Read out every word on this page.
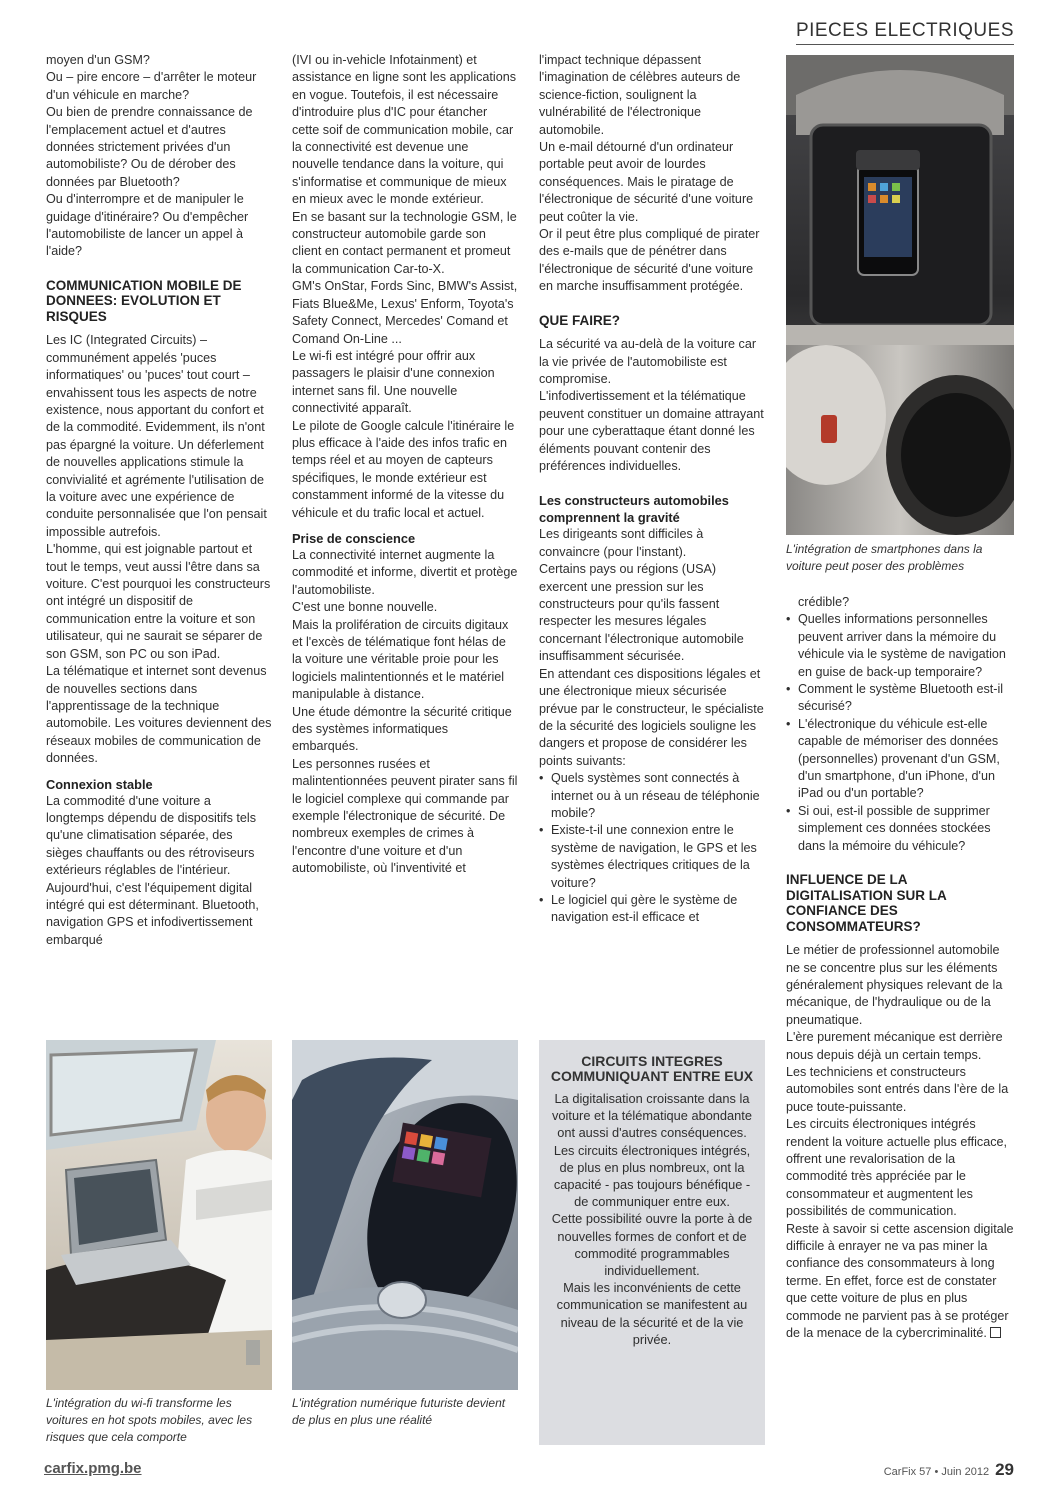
PIECES ELECTRIQUES

moyen d'un GSM?

Ou – pire encore – d'arrêter le moteur d'un véhicule en marche?

Ou bien de prendre connaissance de l'emplacement actuel et d'autres données strictement privées d'un automobiliste? Ou de dérober des données par Bluetooth?

Ou d'interrompre et de manipuler le guidage d'itinéraire? Ou d'empêcher l'automobiliste de lancer un appel à l'aide?

COMMUNICATION MOBILE DE DONNEES: EVOLUTION ET RISQUES

Les IC (Integrated Circuits) – communément appelés 'puces informatiques' ou 'puces' tout court – envahissent tous les aspects de notre existence, nous apportant du confort et de la commodité. Evidemment, ils n'ont pas épargné la voiture. Un déferlement de nouvelles applications stimule la convivialité et agrémente l'utilisation de la voiture avec une expérience de conduite personnalisée que l'on pensait impossible autrefois.

L'homme, qui est joignable partout et tout le temps, veut aussi l'être dans sa voiture. C'est pourquoi les constructeurs ont intégré un dispositif de communication entre la voiture et son utilisateur, qui ne saurait se séparer de son GSM, son PC ou son iPad.

La télématique et internet sont devenus de nouvelles sections dans l'apprentissage de la technique automobile. Les voitures deviennent des réseaux mobiles de communication de données.

Connexion stable

La commodité d'une voiture a longtemps dépendu de dispositifs tels qu'une climatisation séparée, des sièges chauffants ou des rétroviseurs extérieurs réglables de l'intérieur. Aujourd'hui, c'est l'équipement digital intégré qui est déterminant. Bluetooth, navigation GPS et infodivertissement embarqué

(IVI ou in-vehicle Infotainment) et assistance en ligne sont les applications en vogue. Toutefois, il est nécessaire d'introduire plus d'IC pour étancher cette soif de communication mobile, car la connectivité est devenue une nouvelle tendance dans la voiture, qui s'informatise et communique de mieux en mieux avec le monde extérieur.

En se basant sur la technologie GSM, le constructeur automobile garde son client en contact permanent et promeut la communication Car-to-X.

GM's OnStar, Fords Sinc, BMW's Assist, Fiats Blue&Me, Lexus' Enform, Toyota's Safety Connect, Mercedes' Comand et Comand On-Line ...

Le wi-fi est intégré pour offrir aux passagers le plaisir d'une connexion internet sans fil. Une nouvelle connectivité apparaît.

Le pilote de Google calcule l'itinéraire le plus efficace à l'aide des infos trafic en temps réel et au moyen de capteurs spécifiques, le monde extérieur est constamment informé de la vitesse du véhicule et du trafic local et actuel.

Prise de conscience

La connectivité internet augmente la commodité et informe, divertit et protège l'automobiliste.

C'est une bonne nouvelle.

Mais la prolifération de circuits digitaux et l'excès de télématique font hélas de la voiture une véritable proie pour les logiciels malintentionnés et le matériel manipulable à distance.

Une étude démontre la sécurité critique des systèmes informatiques embarqués.

Les personnes rusées et malintentionnées peuvent pirater sans fil le logiciel complexe qui commande par exemple l'électronique de sécurité. De nombreux exemples de crimes à l'encontre d'une voiture et d'un automobiliste, où l'inventivité et

l'impact technique dépassent l'imagination de célèbres auteurs de science-fiction, soulignent la vulnérabilité de l'électronique automobile.

Un e-mail détourné d'un ordinateur portable peut avoir de lourdes conséquences. Mais le piratage de l'électronique de sécurité d'une voiture peut coûter la vie.

Or il peut être plus compliqué de pirater des e-mails que de pénétrer dans l'électronique de sécurité d'une voiture en marche insuffisamment protégée.

QUE FAIRE?

La sécurité va au-delà de la voiture car la vie privée de l'automobiliste est compromise.

L'infodivertissement et la télématique peuvent constituer un domaine attrayant pour une cyberattaque étant donné les éléments pouvant contenir des préférences individuelles.

Les constructeurs automobiles comprennent la gravité

Les dirigeants sont difficiles à convaincre (pour l'instant).

Certains pays ou régions (USA) exercent une pression sur les constructeurs pour qu'ils fassent respecter les mesures légales concernant l'électronique automobile insuffisamment sécurisée.

En attendant ces dispositions légales et une électronique mieux sécurisée prévue par le constructeur, le spécialiste de la sécurité des logiciels souligne les dangers et propose de considérer les points suivants:

• Quels systèmes sont connectés à internet ou à un réseau de téléphonie mobile?
• Existe-t-il une connexion entre le système de navigation, le GPS et les systèmes électriques critiques de la voiture?
• Le logiciel qui gère le système de navigation est-il efficace et
L'intégration de smartphones dans la voiture peut poser des problèmes

crédible?

• Quelles informations personnelles peuvent arriver dans la mémoire du véhicule via le système de navigation en guise de back-up temporaire?
• Comment le système Bluetooth est-il sécurisé?
• L'électronique du véhicule est-elle capable de mémoriser des données (personnelles) provenant d'un GSM, d'un smartphone, d'un iPhone, d'un iPad ou d'un portable?
• Si oui, est-il possible de supprimer simplement ces données stockées dans la mémoire du véhicule?
INFLUENCE DE LA DIGITALISATION SUR LA CONFIANCE DES CONSOMMATEURS?

Le métier de professionnel automobile ne se concentre plus sur les éléments généralement physiques relevant de la mécanique, de l'hydraulique ou de la pneumatique.

L'ère purement mécanique est derrière nous depuis déjà un certain temps.

Les techniciens et constructeurs automobiles sont entrés dans l'ère de la puce toute-puissante.

Les circuits électroniques intégrés rendent la voiture actuelle plus efficace, offrent une revalorisation de la commodité très appréciée par le consommateur et augmentent les possibilités de communication.

Reste à savoir si cette ascension digitale difficile à enrayer ne va pas miner la confiance des consommateurs à long terme. En effet, force est de constater que cette voiture de plus en plus commode ne parvient pas à se protéger de la menace de la cybercriminalité.

L'intégration du wi-fi transforme les voitures en hot spots mobiles, avec les risques que cela comporte
L'intégration numérique futuriste devient de plus en plus une réalité
CIRCUITS INTEGRES COMMUNIQUANT ENTRE EUX

La digitalisation croissante dans la voiture et la télématique abondante ont aussi d'autres conséquences.

Les circuits électroniques intégrés, de plus en plus nombreux, ont la capacité - pas toujours bénéfique - de communiquer entre eux.

Cette possibilité ouvre la porte à de nouvelles formes de confort et de commodité programmables individuellement.

Mais les inconvénients de cette communication se manifestent au niveau de la sécurité et de la vie privée.

carfix.pmg.be	CarFix 57 • Juin 2012 29
